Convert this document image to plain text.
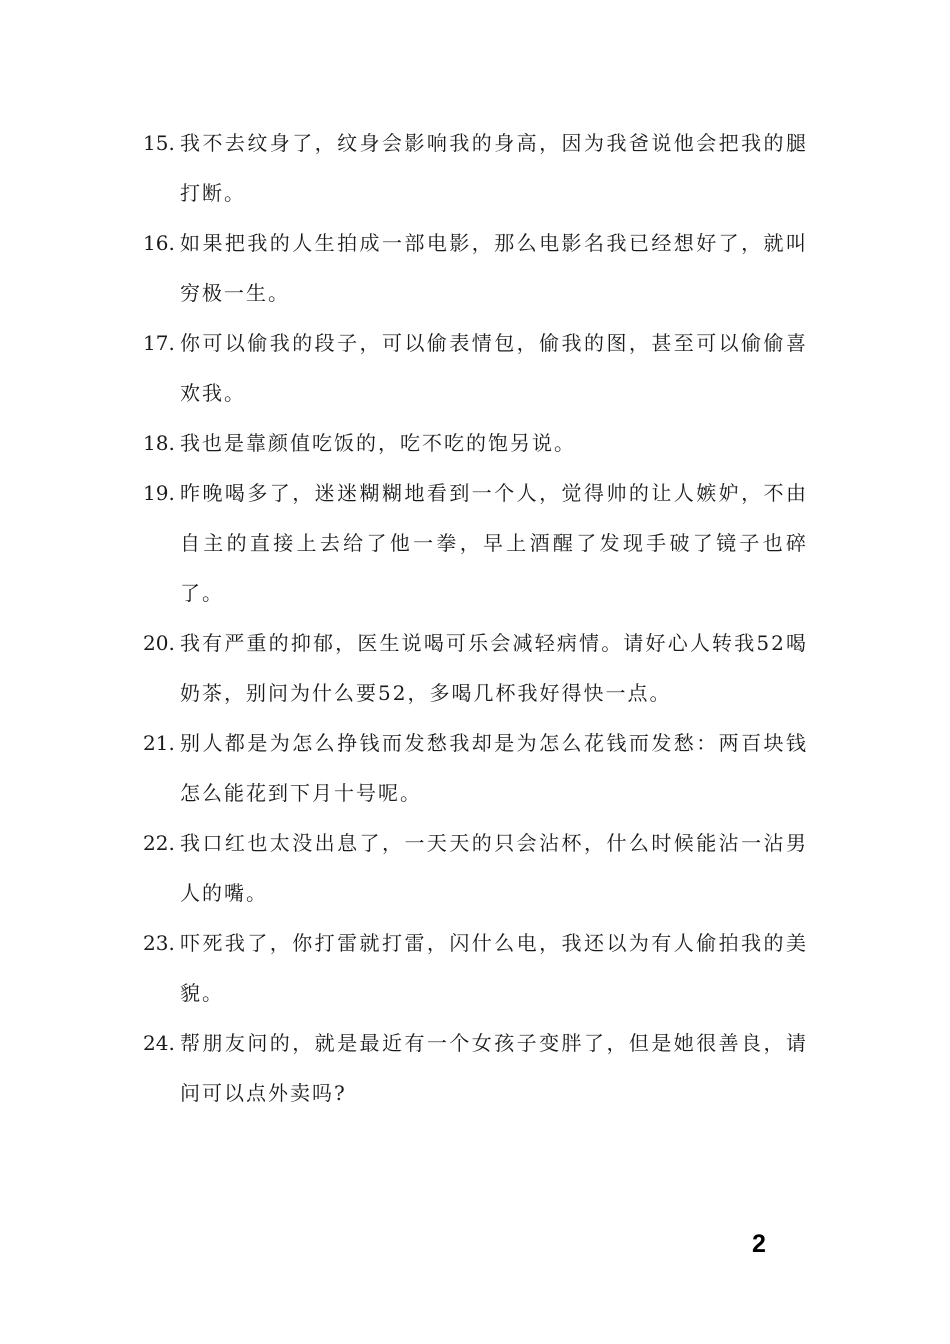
15. 我不去纹身了，纹身会影响我的身高，因为我爸说他会把我的腿打断。
16. 如果把我的人生拍成一部电影，那么电影名我已经想好了，就叫穷极一生。
17. 你可以偷我的段子，可以偷表情包，偷我的图，甚至可以偷偷喜欢我。
18. 我也是靠颜值吃饭的，吃不吃的饱另说。
19. 昨晚喝多了，迷迷糊糊地看到一个人，觉得帅的让人嫉妒，不由自主的直接上去给了他一拳，早上酒醒了发现手破了镜子也碎了。
20. 我有严重的抑郁，医生说喝可乐会减轻病情。请好心人转我52喝奶茶，别问为什么要52，多喝几杯我好得快一点。
21. 别人都是为怎么挣钱而发愁我却是为怎么花钱而发愁：两百块钱怎么能花到下月十号呢。
22. 我口红也太没出息了，一天天的只会沾杯，什么时候能沾一沾男人的嘴。
23. 吓死我了，你打雷就打雷，闪什么电，我还以为有人偷拍我的美貌。
24. 帮朋友问的，就是最近有一个女孩子变胖了，但是她很善良，请问可以点外卖吗?
2
